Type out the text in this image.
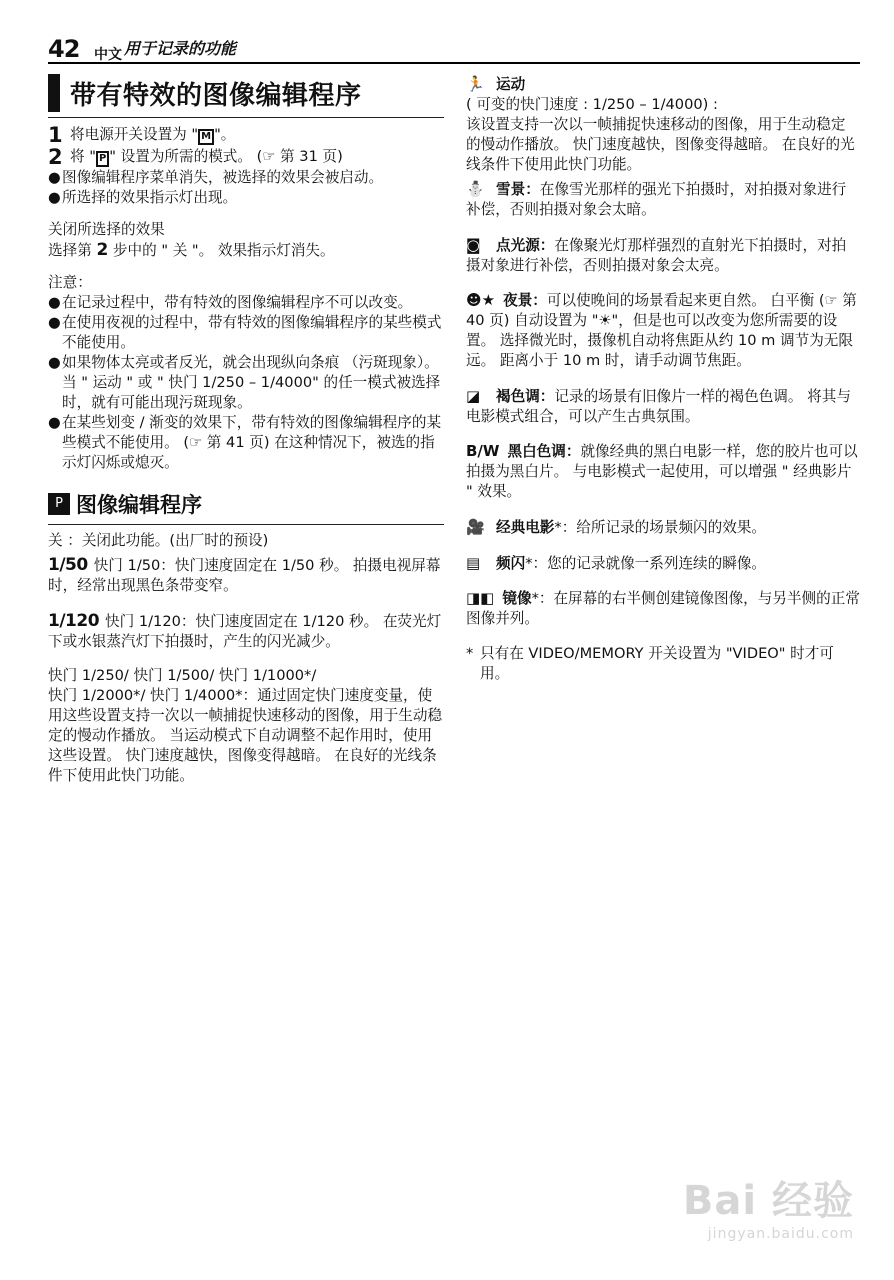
42 中文 用于记录的功能
带有特效的图像编辑程序
1 将电源开关设置为 " M "。
2 将 " P " 设置为所需的模式。 (☞ 第 31 页)
● 图像编辑程序菜单消失，被选择的效果会被启动。
● 所选择的效果指示灯出现。

关闭所选择的效果

选择第 2 步中的 " 关 "。 效果指示灯消失。

注意：

● 在记录过程中，带有特效的图像编辑程序不可以改变。
● 在使用夜视的过程中，带有特效的图像编辑程序的某些模式不能使用。
● 如果物体太亮或者反光，就会出现纵向条痕 （污斑现象）。当 " 运动 " 或 " 快门 1/250 – 1/4000" 的任一模式被选择时，就有可能出现污斑现象。
● 在某些划变 / 渐变的效果下，带有特效的图像编辑程序的某些模式不能使用。 (☞ 第 41 页) 在这种情况下，被选的指示灯闪烁或熄灭。
P 图像编辑程序

关 ：关闭此功能。(出厂时的预设)

1/50 快门 1/50：快门速度固定在 1/50 秒。 拍摄电视屏幕时，经常出现黑色条带变窄。

1/120 快门 1/120：快门速度固定在 1/120 秒。 在荧光灯下或水银蒸汽灯下拍摄时，产生的闪光减少。

快门 1/250/ 快门 1/500/ 快门 1/1000*/
快门 1/2000*/ 快门 1/4000*：通过固定快门速度变量，使用这些设置支持一次以一帧捕捉快速移动的图像，用于生动稳定的慢动作播放。 当运动模式下自动调整不起作用时，使用这些设置。 快门速度越快，图像变得越暗。 在良好的光线条件下使用此快门功能。

🏃 运动

( 可变的快门速度 : 1/250 – 1/4000) :

该设置支持一次以一帧捕捉快速移动的图像，用于生动稳定的慢动作播放。 快门速度越快，图像变得越暗。 在良好的光线条件下使用此快门功能。

⛄ 雪景：在像雪光那样的强光下拍摄时，对拍摄对象进行补偿，否则拍摄对象会太暗。

◙ 点光源：在像聚光灯那样强烈的直射光下拍摄时，对拍摄对象进行补偿，否则拍摄对象会太亮。

☻★ 夜景：可以使晚间的场景看起来更自然。 白平衡 (☞ 第 40 页) 自动设置为 "☀"，但是也可以改变为您所需要的设置。 选择微光时，摄像机自动将焦距从约 10 m 调节为无限远。 距离小于 10 m 时，请手动调节焦距。

◪ 褐色调：记录的场景有旧像片一样的褐色色调。 将其与电影模式组合，可以产生古典氛围。

B/W 黑白色调：就像经典的黑白电影一样，您的胶片也可以拍摄为黑白片。 与电影模式一起使用，可以增强 " 经典影片 " 效果。

🎥 经典电影*：给所记录的场景频闪的效果。

▤ 频闪*：您的记录就像一系列连续的瞬像。

◨◧ 镜像*：在屏幕的右半侧创建镜像图像，与另半侧的正常图像并列。

* 只有在 VIDEO/MEMORY 开关设置为 "VIDEO" 时才可用。
Bai 经验
jingyan.baidu.com
